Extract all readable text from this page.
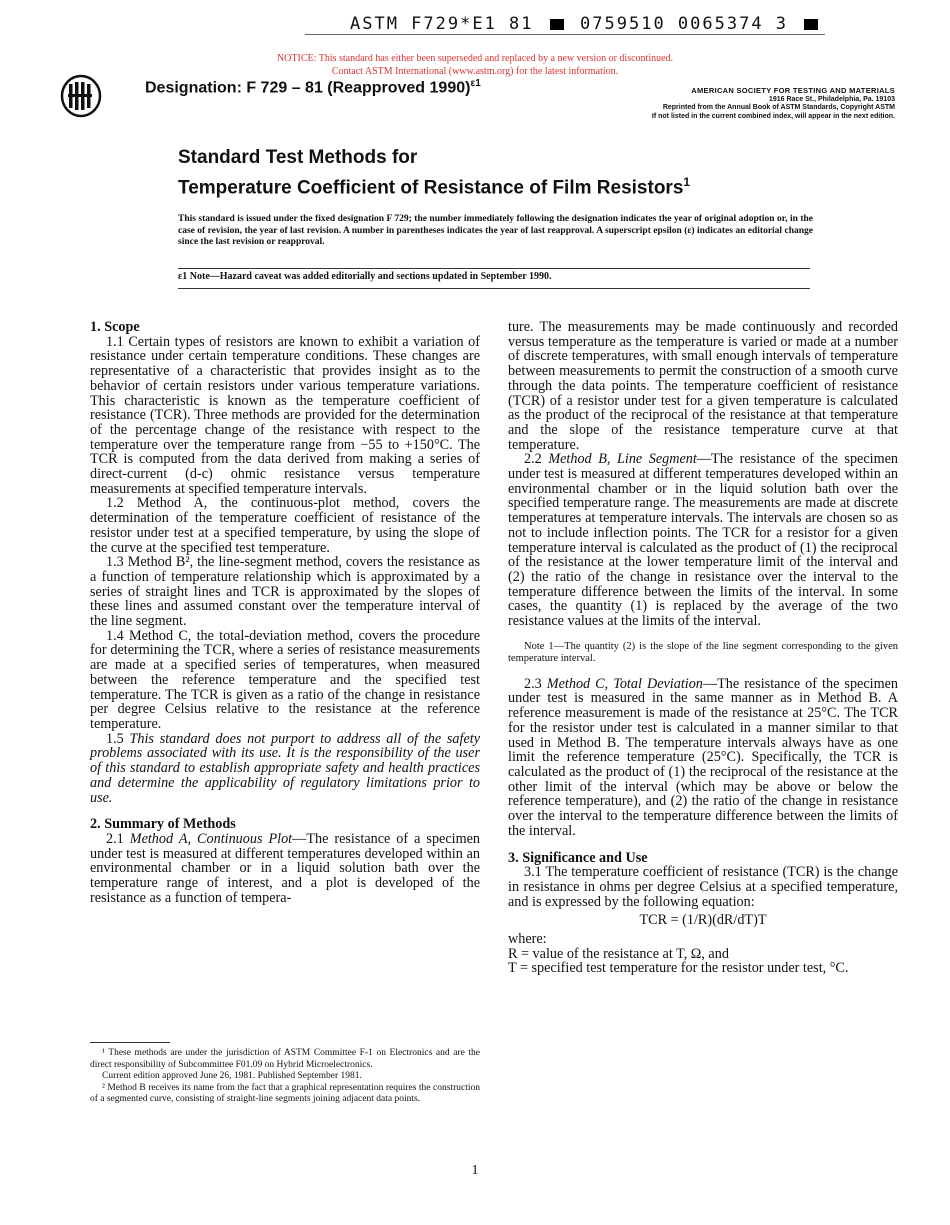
ASTM F729*E1 81	0759510 0065374 3
NOTICE: This standard has either been superseded and replaced by a new version or discontinued.
Contact ASTM International (www.astm.org) for the latest information.
Designation: F 729 – 81 (Reapproved 1990)$^{\varepsilon 1}$
AMERICAN SOCIETY FOR TESTING AND MATERIALS
1916 Race St., Philadelphia, Pa. 19103
Reprinted from the Annual Book of ASTM Standards, Copyright ASTM
If not listed in the current combined index, will appear in the next edition.
Standard Test Methods for
Temperature Coefficient of Resistance of Film Resistors$^1$
This standard is issued under the fixed designation F 729; the number immediately following the designation indicates the year of original adoption or, in the case of revision, the year of last revision. A number in parentheses indicates the year of last reapproval. A superscript epsilon (ε) indicates an editorial change since the last revision or reapproval.
ε1 Note—Hazard caveat was added editorially and sections updated in September 1990.
1. Scope

1.1 Certain types of resistors are known to exhibit a variation of resistance under certain temperature conditions. These changes are representative of a characteristic that provides insight as to the behavior of certain resistors under various temperature variations. This characteristic is known as the temperature coefficient of resistance (TCR). Three methods are provided for the determination of the percentage change of the resistance with respect to the temperature over the temperature range from −55 to +150°C. The TCR is computed from the data derived from making a series of direct-current (d-c) ohmic resistance versus temperature measurements at specified temperature intervals.

1.2 Method A, the continuous-plot method, covers the determination of the temperature coefficient of resistance of the resistor under test at a specified temperature, by using the slope of the curve at the specified test temperature.

1.3 Method B², the line-segment method, covers the resistance as a function of temperature relationship which is approximated by a series of straight lines and TCR is approximated by the slopes of these lines and assumed constant over the temperature interval of the line segment.

1.4 Method C, the total-deviation method, covers the procedure for determining the TCR, where a series of resistance measurements are made at a specified series of temperatures, when measured between the reference temperature and the specified test temperature. The TCR is given as a ratio of the change in resistance per degree Celsius relative to the resistance at the reference temperature.

1.5 This standard does not purport to address all of the safety problems associated with its use. It is the responsibility of the user of this standard to establish appropriate safety and health practices and determine the applicability of regulatory limitations prior to use.

2. Summary of Methods

2.1 Method A, Continuous Plot—The resistance of a specimen under test is measured at different temperatures developed within an environmental chamber or in a liquid solution bath over the temperature range of interest, and a plot is developed of the resistance as a function of tempera-

ture. The measurements may be made continuously and recorded versus temperature as the temperature is varied or made at a number of discrete temperatures, with small enough intervals of temperature between measurements to permit the construction of a smooth curve through the data points. The temperature coefficient of resistance (TCR) of a resistor under test for a given temperature is calculated as the product of the reciprocal of the resistance at that temperature and the slope of the resistance temperature curve at that temperature.

2.2 Method B, Line Segment—The resistance of the specimen under test is measured at different temperatures developed within an environmental chamber or in the liquid solution bath over the specified temperature range. The measurements are made at discrete temperatures at temperature intervals. The intervals are chosen so as not to include inflection points. The TCR for a resistor for a given temperature interval is calculated as the product of (1) the reciprocal of the resistance at the lower temperature limit of the interval and (2) the ratio of the change in resistance over the interval to the temperature difference between the limits of the interval. In some cases, the quantity (1) is replaced by the average of the two resistance values at the limits of the interval.

Note 1—The quantity (2) is the slope of the line segment corresponding to the given temperature interval.

2.3 Method C, Total Deviation—The resistance of the specimen under test is measured in the same manner as in Method B. A reference measurement is made of the resistance at 25°C. The TCR for the resistor under test is calculated in a manner similar to that used in Method B. The temperature intervals always have as one limit the reference temperature (25°C). Specifically, the TCR is calculated as the product of (1) the reciprocal of the resistance at the other limit of the interval (which may be above or below the reference temperature), and (2) the ratio of the change in resistance over the interval to the temperature difference between the limits of the interval.

3. Significance and Use

3.1 The temperature coefficient of resistance (TCR) is the change in resistance in ohms per degree Celsius at a specified temperature, and is expressed by the following equation:

TCR = (1/R)(dR/dT)T

where:

R = value of the resistance at T, Ω, and

T = specified test temperature for the resistor under test, °C.

¹ These methods are under the jurisdiction of ASTM Committee F-1 on Electronics and are the direct responsibility of Subcommittee F01.09 on Hybrid Microelectronics.

Current edition approved June 26, 1981. Published September 1981.

² Method B receives its name from the fact that a graphical representation requires the construction of a segmented curve, consisting of straight-line segments joining adjacent data points.

1
